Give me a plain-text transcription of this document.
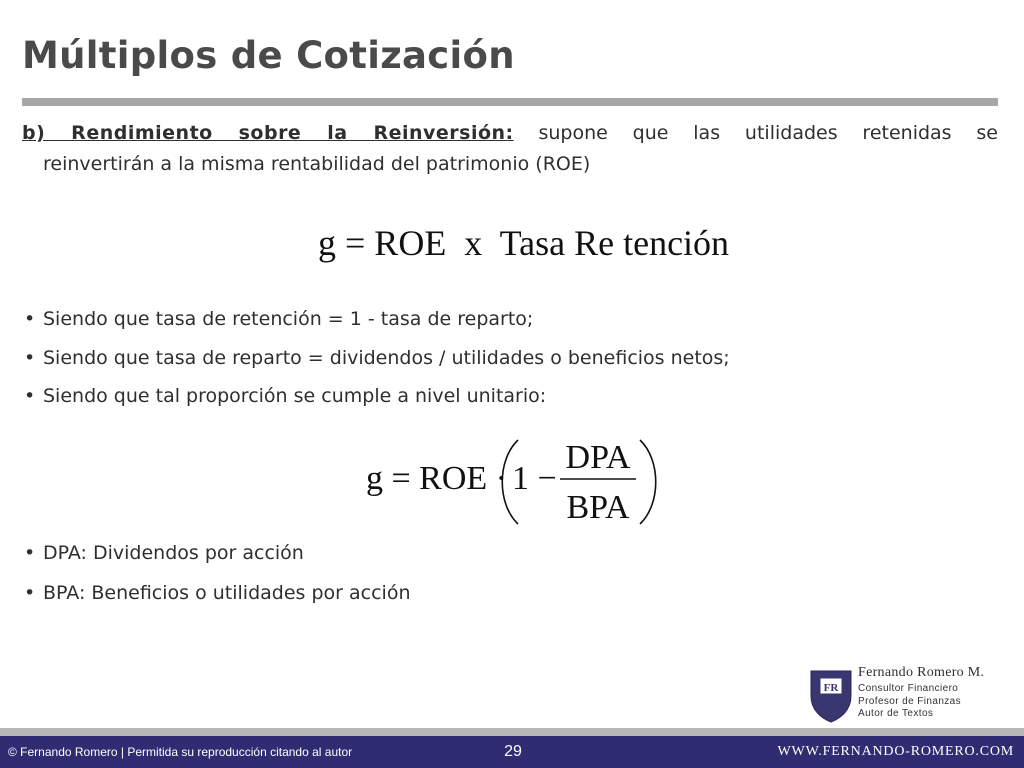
Múltiplos de Cotización
b) Rendimiento sobre la Reinversión: supone que las utilidades retenidas se
reinvertirán a la misma rentabilidad del patrimonio (ROE)
g = ROE  x  Tasa Re tención
• Siendo que tasa de retención = 1 - tasa de reparto;
• Siendo que tasa de reparto = dividendos / utilidades o beneficios netos;
• Siendo que tal proporción se cumple a nivel unitario:
g = ROE · 1 −
DPA
BPA
• DPA: Dividendos por acción
• BPA: Beneficios o utilidades por acción
FR
Fernando Romero M.
Consultor Financiero
Profesor de Finanzas
Autor de Textos
© Fernando Romero | Permitida su reproducción citando al autor	29	WWW.FERNANDO-ROMERO.COM
